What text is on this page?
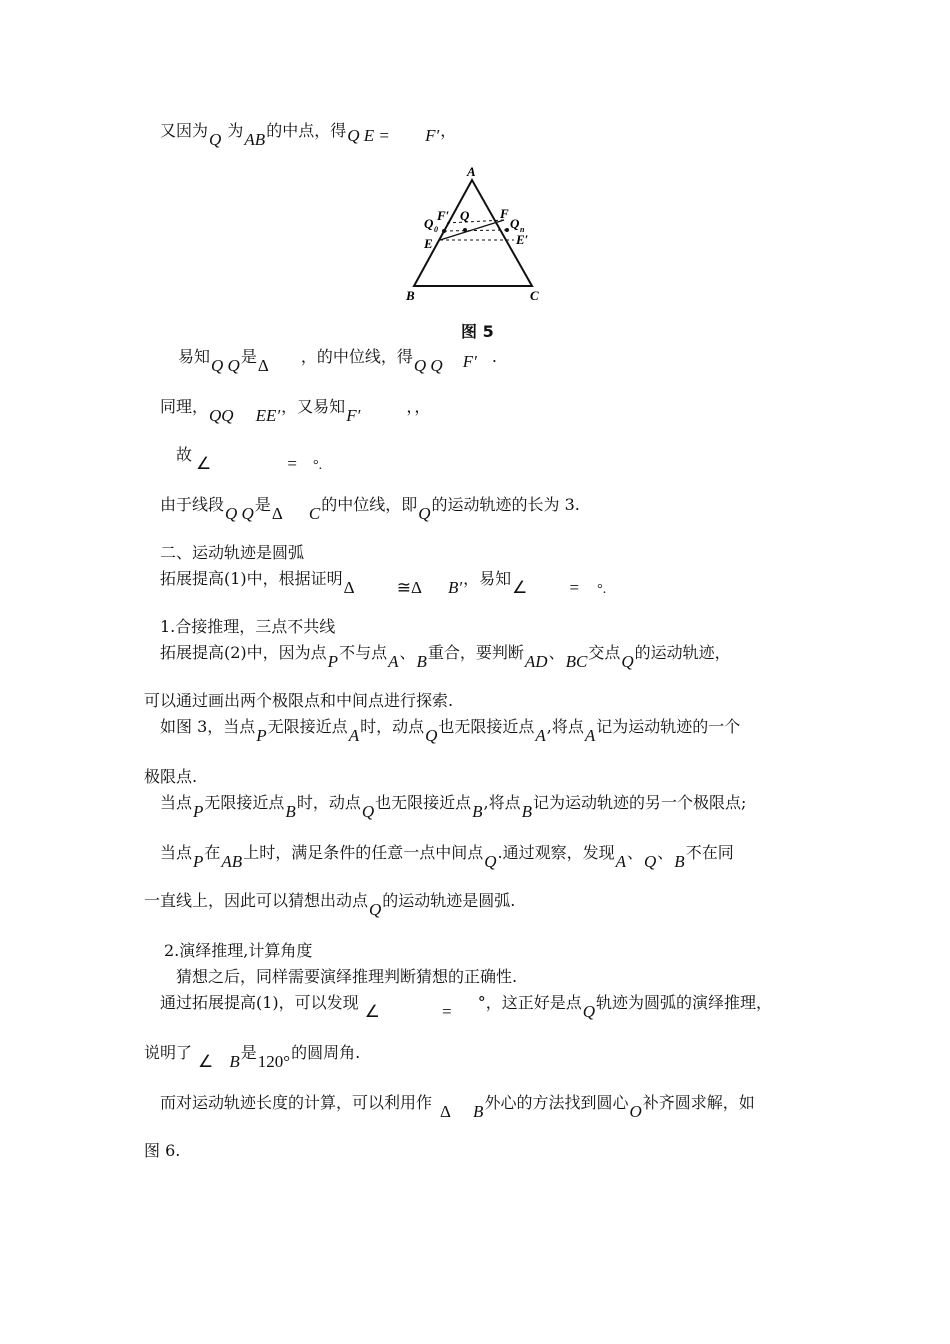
又因为Q 为AB的中点，得Q E = F′，
A
B	C
E	E′
F
F′ Q
Q 0	Q n
图 5
易知Q Q是Δ ，的中位线，得Q Q F′ .
同理，QQ EE′，又易知F′	，，
故 ∠	= °.
由于线段Q Q是Δ C的中位线，即Q的运动轨迹的长为 3.
二、运动轨迹是圆弧
拓展提高(1)中，根据证明Δ ≅Δ B′，易知∠ = °.
1.合接推理，三点不共线
拓展提高(2)中，因为点P不与点A、B重合，要判断AD、BC交点Q的运动轨迹，
可以通过画出两个极限点和中间点进行探索.
如图 3，当点P无限接近点A时，动点Q也无限接近点A,将点A记为运动轨迹的一个
极限点.
当点P无限接近点B时，动点Q也无限接近点B,将点B记为运动轨迹的另一个极限点;
当点P在AB上时，满足条件的任意一点中间点Q.通过观察，发现A、Q、B不在同
一直线上，因此可以猜想出动点Q的运动轨迹是圆弧.
2.演绎推理,计算角度
猜想之后，同样需要演绎推理判断猜想的正确性.
通过拓展提高(1)，可以发现 ∠	= °，这正好是点Q轨迹为圆弧的演绎推理，
说明了 ∠ B是120°的圆周角.
而对运动轨迹长度的计算，可以利用作 Δ B外心的方法找到圆心O补齐圆求解，如
图 6.
